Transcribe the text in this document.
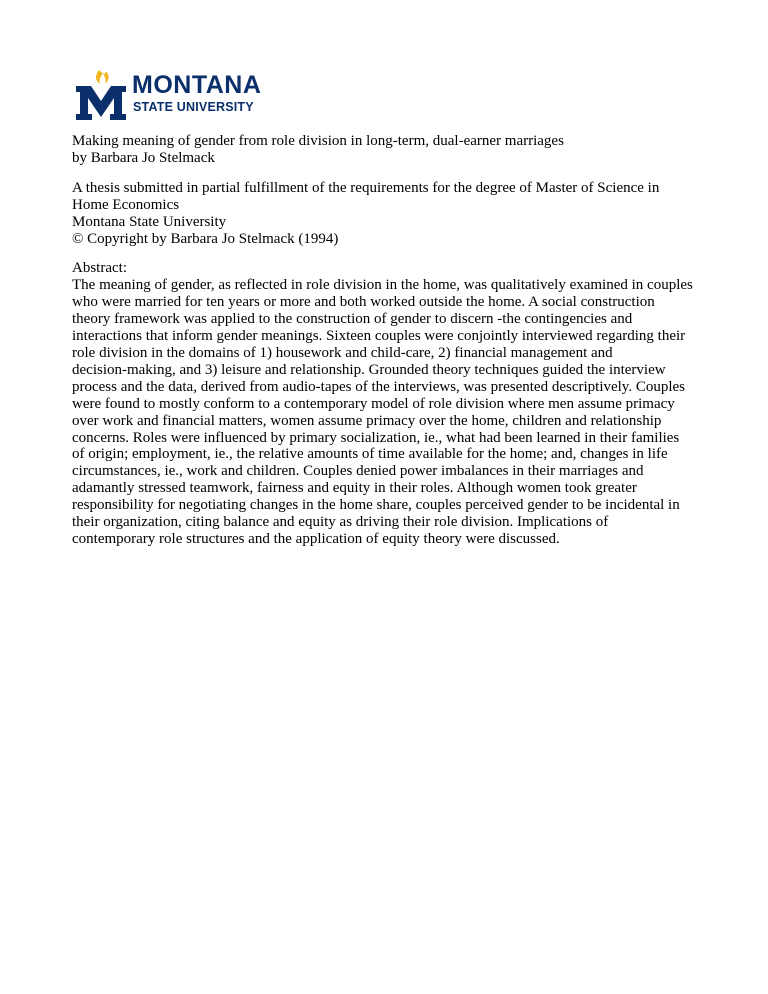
MONTANA
STATE UNIVERSITY
Making meaning of gender from role division in long-term, dual-earner marriages
by Barbara Jo Stelmack
A thesis submitted in partial fulfillment of the requirements for the degree of Master of Science in
Home Economics
Montana State University
© Copyright by Barbara Jo Stelmack (1994)
Abstract:
The meaning of gender, as reflected in role division in the home, was qualitatively examined in couples
who were married for ten years or more and both worked outside the home. A social construction
theory framework was applied to the construction of gender to discern -the contingencies and
interactions that inform gender meanings. Sixteen couples were conjointly interviewed regarding their
role division in the domains of 1) housework and child-care, 2) financial management and
decision-making, and 3) leisure and relationship. Grounded theory techniques guided the interview
process and the data, derived from audio-tapes of the interviews, was presented descriptively. Couples
were found to mostly conform to a contemporary model of role division where men assume primacy
over work and financial matters, women assume primacy over the home, children and relationship
concerns. Roles were influenced by primary socialization, ie., what had been learned in their families
of origin; employment, ie., the relative amounts of time available for the home; and, changes in life
circumstances, ie., work and children. Couples denied power imbalances in their marriages and
adamantly stressed teamwork, fairness and equity in their roles. Although women took greater
responsibility for negotiating changes in the home share, couples perceived gender to be incidental in
their organization, citing balance and equity as driving their role division. Implications of
contemporary role structures and the application of equity theory were discussed.
